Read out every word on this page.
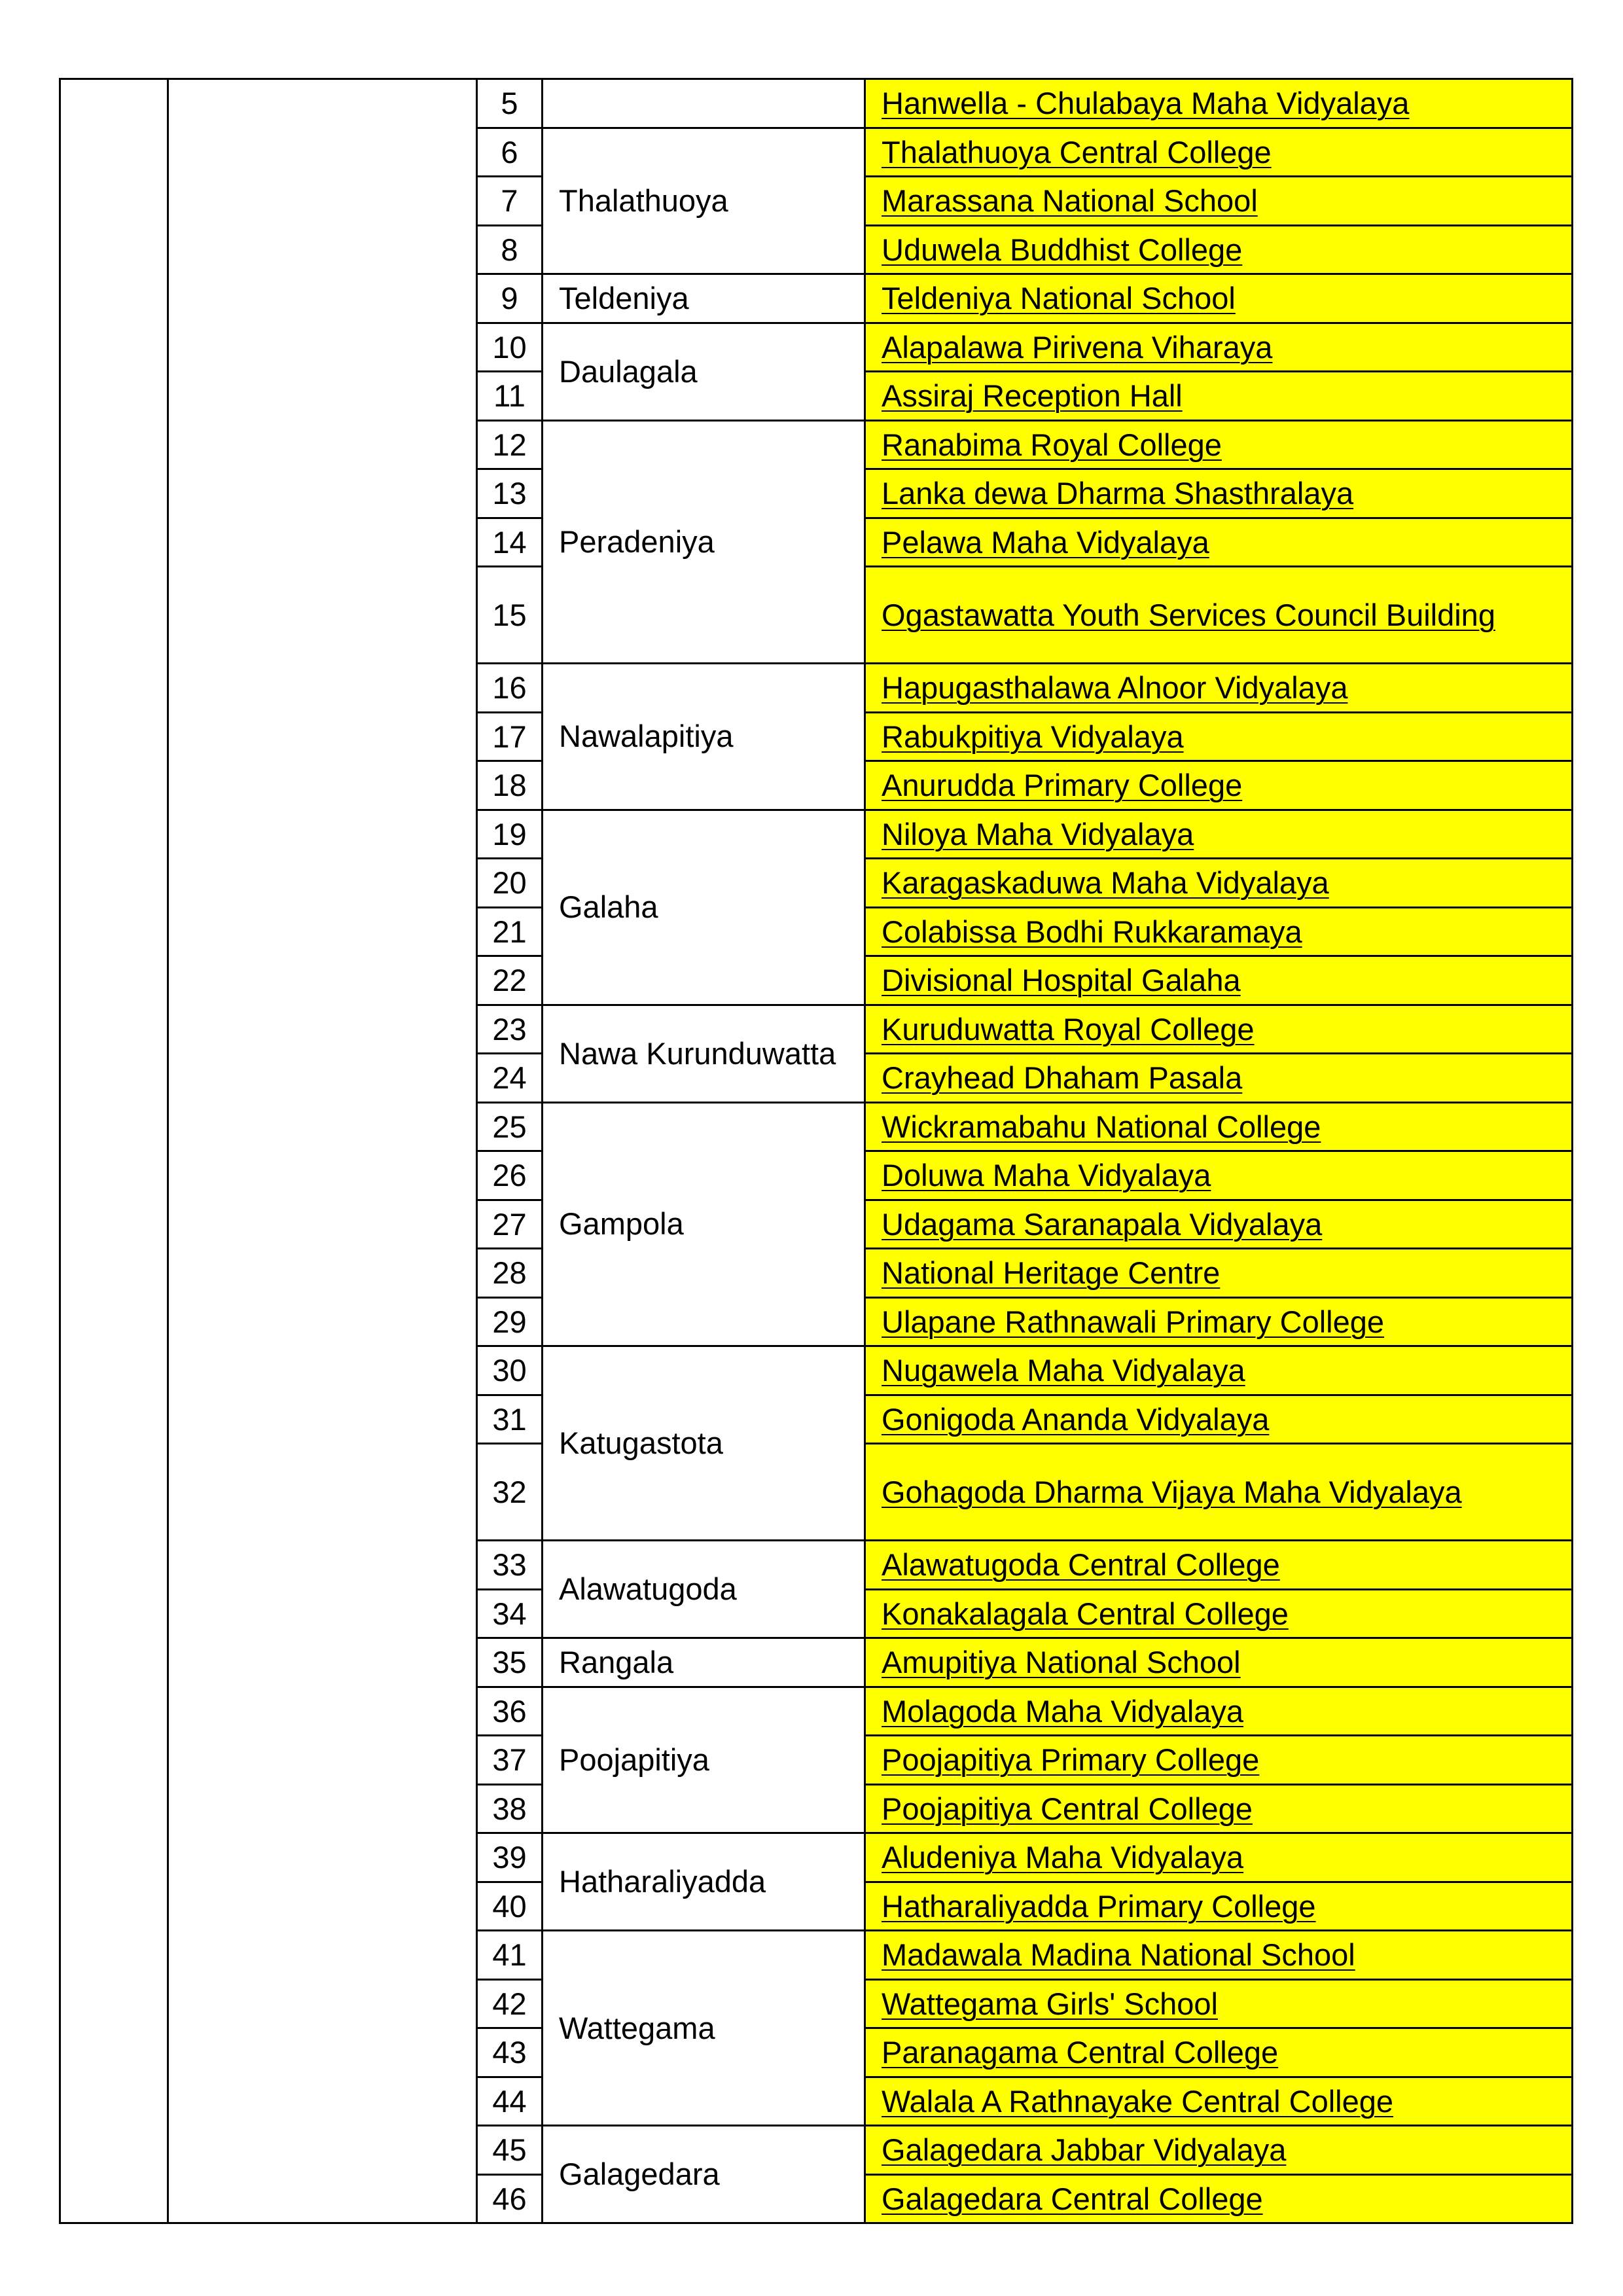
		5		Hanwella - Chulabaya Maha Vidyalaya
		6	Thalathuoya	Thalathuoya Central College
		7		Marassana National School
		8		Uduwela Buddhist College
		9	Teldeniya	Teldeniya National School
		10	Daulagala	Alapalawa Pirivena Viharaya
		11		Assiraj Reception Hall
		12	Peradeniya	Ranabima Royal College
		13		Lanka dewa Dharma Shasthralaya
		14		Pelawa Maha Vidyalaya
		15		Ogastawatta Youth Services Council Building
		16	Nawalapitiya	Hapugasthalawa Alnoor Vidyalaya
		17		Rabukpitiya Vidyalaya
		18		Anurudda Primary College
		19	Galaha	Niloya Maha Vidyalaya
		20		Karagaskaduwa Maha Vidyalaya
		21		Colabissa Bodhi Rukkaramaya
		22		Divisional Hospital Galaha
		23	Nawa Kurunduwatta	Kuruduwatta Royal College
		24		Crayhead Dhaham Pasala
		25	Gampola	Wickramabahu National College
		26		Doluwa Maha Vidyalaya
		27		Udagama Saranapala Vidyalaya
		28		National Heritage Centre
		29		Ulapane Rathnawali Primary College
		30	Katugastota	Nugawela Maha Vidyalaya
		31		Gonigoda Ananda Vidyalaya
		32		Gohagoda Dharma Vijaya Maha Vidyalaya
		33	Alawatugoda	Alawatugoda Central College
		34		Konakalagala Central College
		35	Rangala	Amupitiya National School
		36	Poojapitiya	Molagoda Maha Vidyalaya
		37		Poojapitiya Primary College
		38		Poojapitiya Central College
		39	Hatharaliyadda	Aludeniya Maha Vidyalaya
		40		Hatharaliyadda Primary College
		41	Wattegama	Madawala Madina National School
		42		Wattegama Girls' School
		43		Paranagama Central College
		44		Walala A Rathnayake Central College
		45	Galagedara	Galagedara Jabbar Vidyalaya
		46		Galagedara Central College
